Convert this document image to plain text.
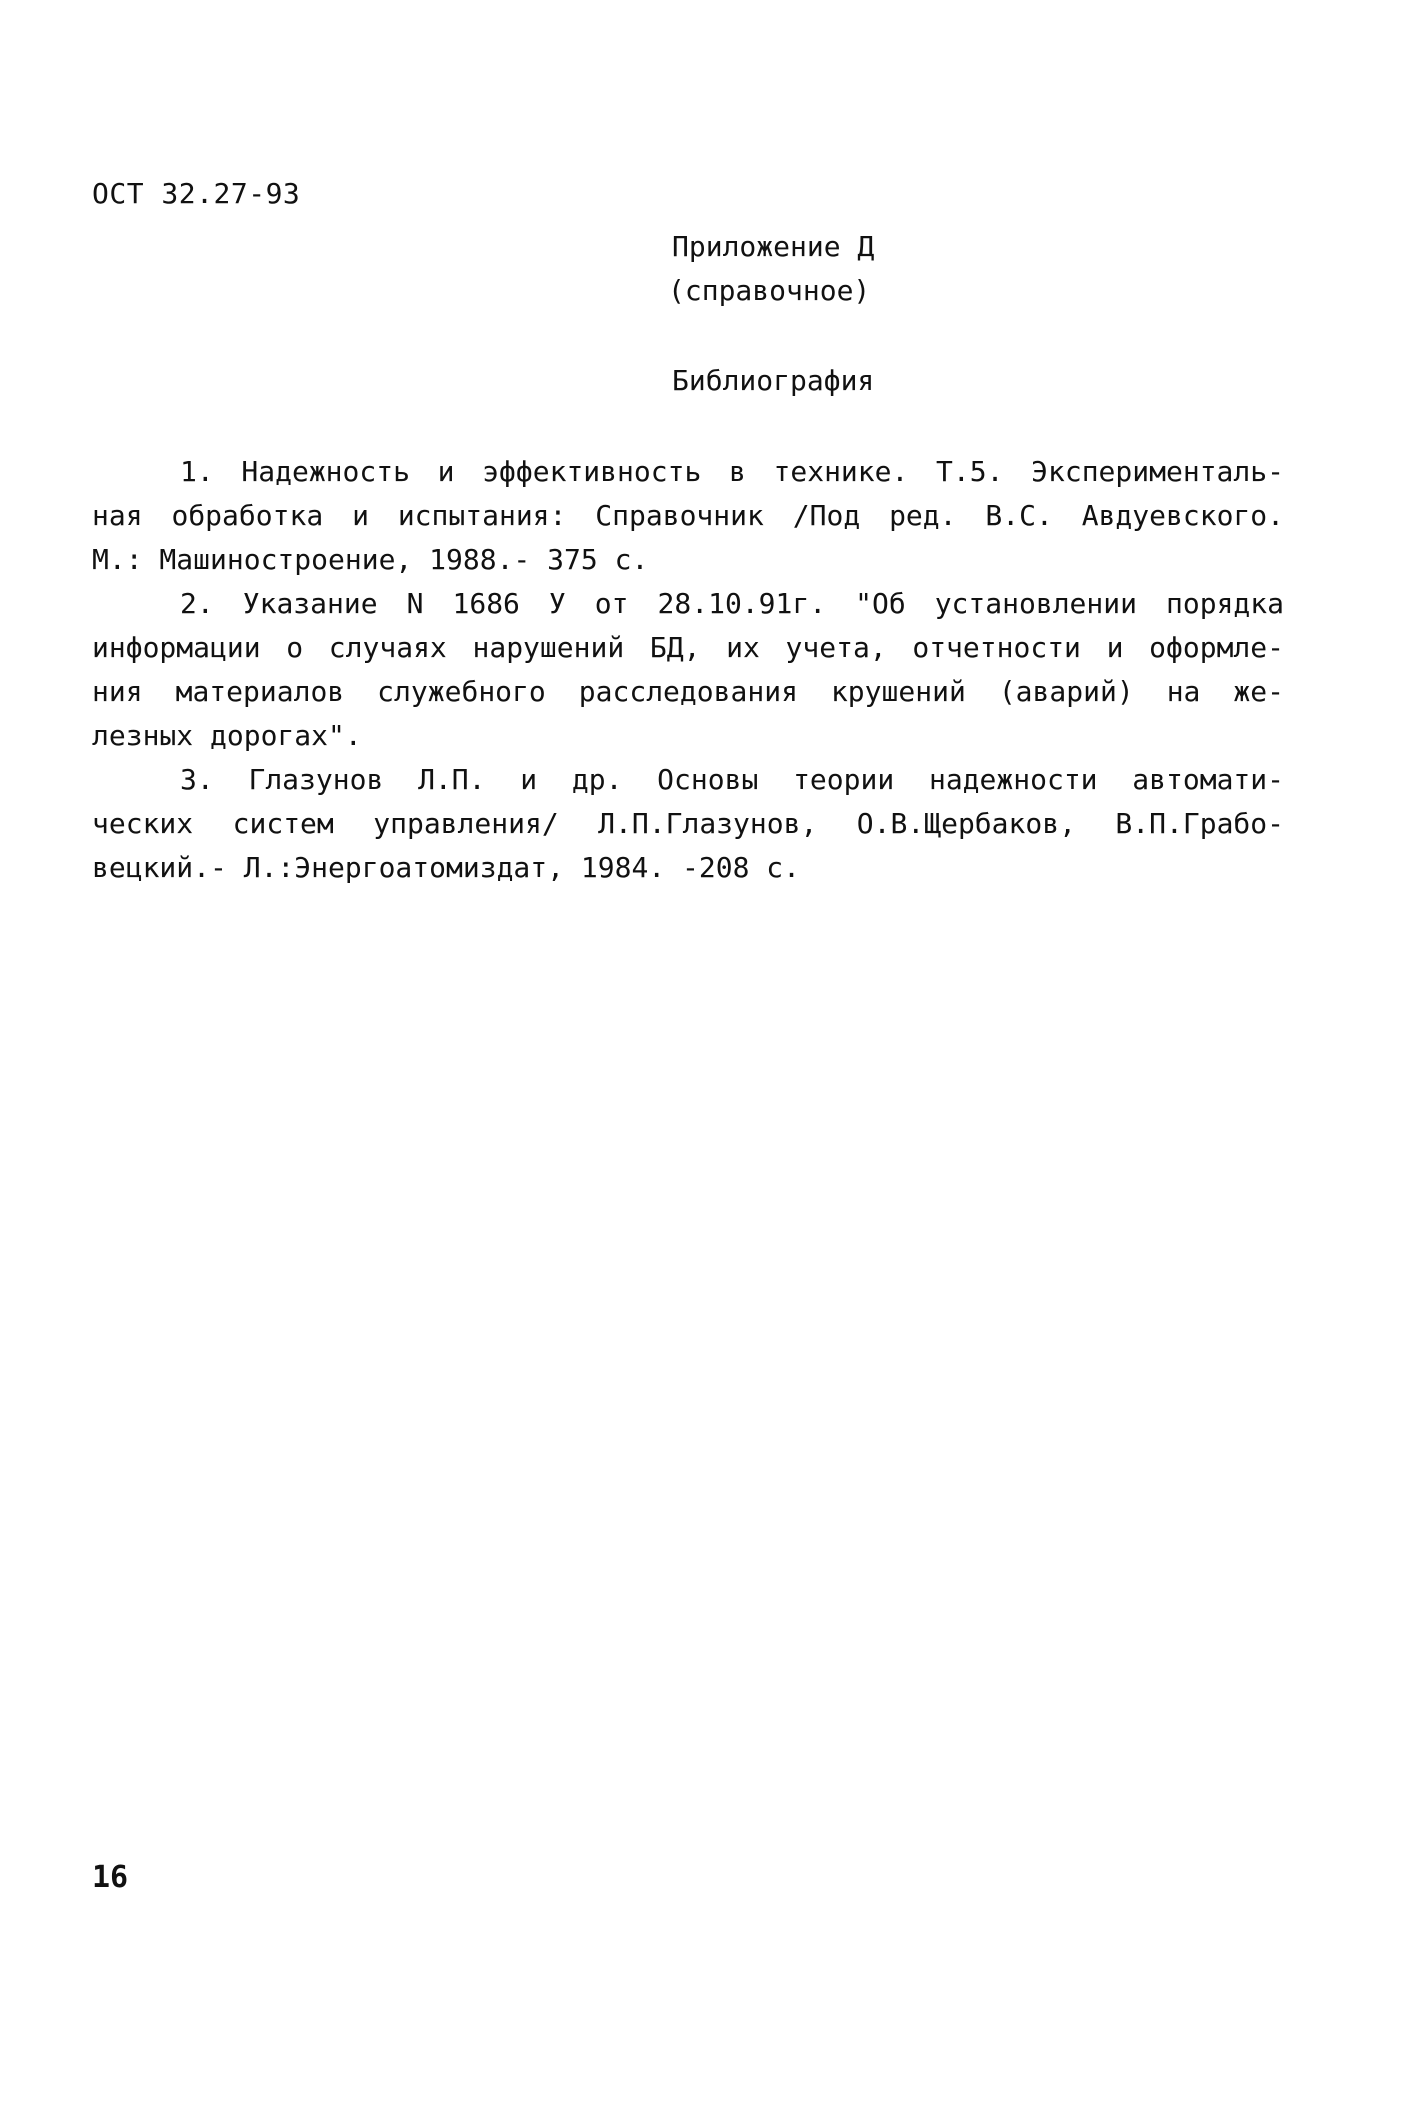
ОСТ 32.27-93
Приложение Д
(справочное)
Библиография
1. Надежность и эффективность в технике. Т.5. Эксперименталь-
ная обработка и испытания: Справочник /Под ред. В.С. Авдуевского.
М.: Машиностроение, 1988.- 375 с.
2. Указание N 1686 У от 28.10.91г. "Об установлении порядка
информации о случаях нарушений БД, их учета, отчетности и оформле-
ния материалов служебного расследования крушений (аварий) на же-
лезных дорогах".
3. Глазунов Л.П. и др. Основы теории надежности автомати-
ческих систем управления/ Л.П.Глазунов, О.В.Щербаков, В.П.Грабо-
вецкий.- Л.:Энергоатомиздат, 1984. -208 с.
16
